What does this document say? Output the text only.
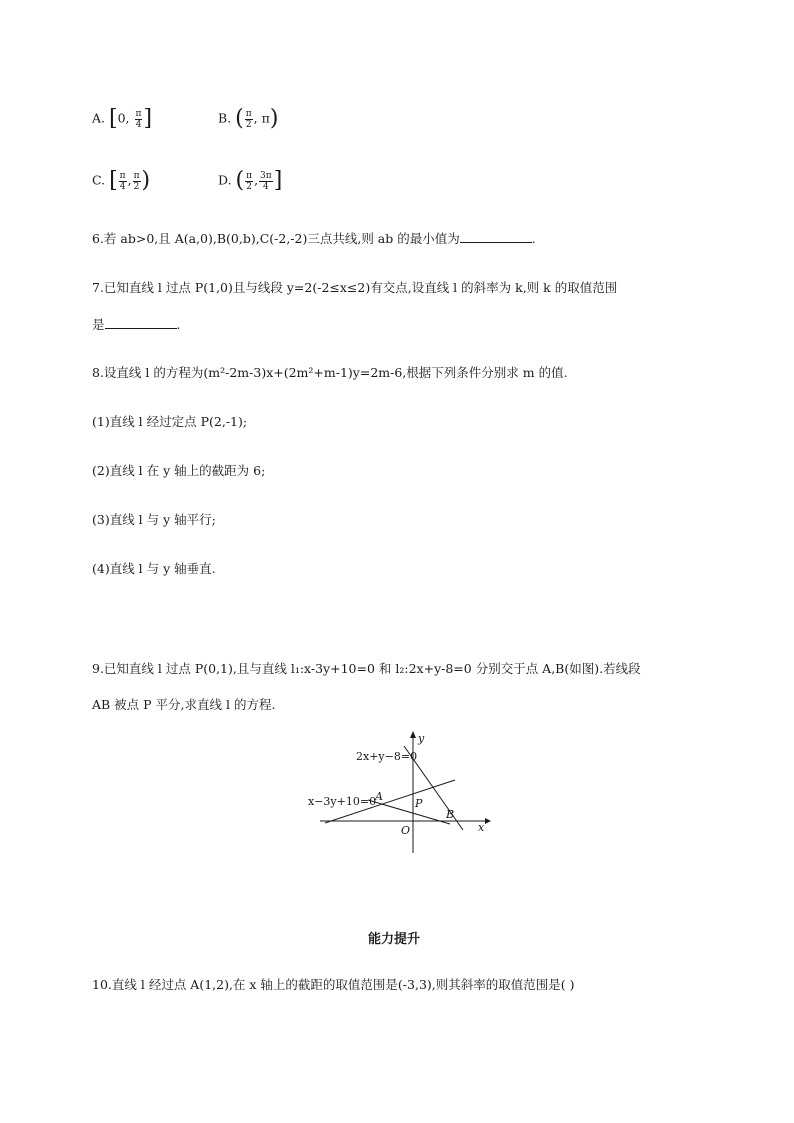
A. [0, $\frac{\pi}{4}$ ]	B. ( $\frac{\pi}{2}$ , π)
C. [ $\frac{\pi}{4}$ , $\frac{\pi}{2}$ )	D. ( $\frac{\pi}{2}$ , $\frac{3\pi}{4}$ ]
6.若 ab>0,且 A(a,0),B(0,b),C(-2,-2)三点共线,则 ab 的最小值为	.
7.已知直线 l 过点 P(1,0)且与线段 y=2(-2≤x≤2)有交点,设直线 l 的斜率为 k,则 k 的取值范围
是	.
8.设直线 l 的方程为(m²-2m-3)x+(2m²+m-1)y=2m-6,根据下列条件分别求 m 的值.
(1)直线 l 经过定点 P(2,-1);
(2)直线 l 在 y 轴上的截距为 6;
(3)直线 l 与 y 轴平行;
(4)直线 l 与 y 轴垂直.
9.已知直线 l 过点 P(0,1),且与直线 l₁:x-3y+10=0 和 l₂:2x+y-8=0 分别交于点 A,B(如图).若线段
AB 被点 P 平分,求直线 l 的方程.
2x+y−8=0
x−3y+10=0
y
x
O
A
P
B
能力提升
10.直线 l 经过点 A(1,2),在 x 轴上的截距的取值范围是(-3,3),则其斜率的取值范围是( )
